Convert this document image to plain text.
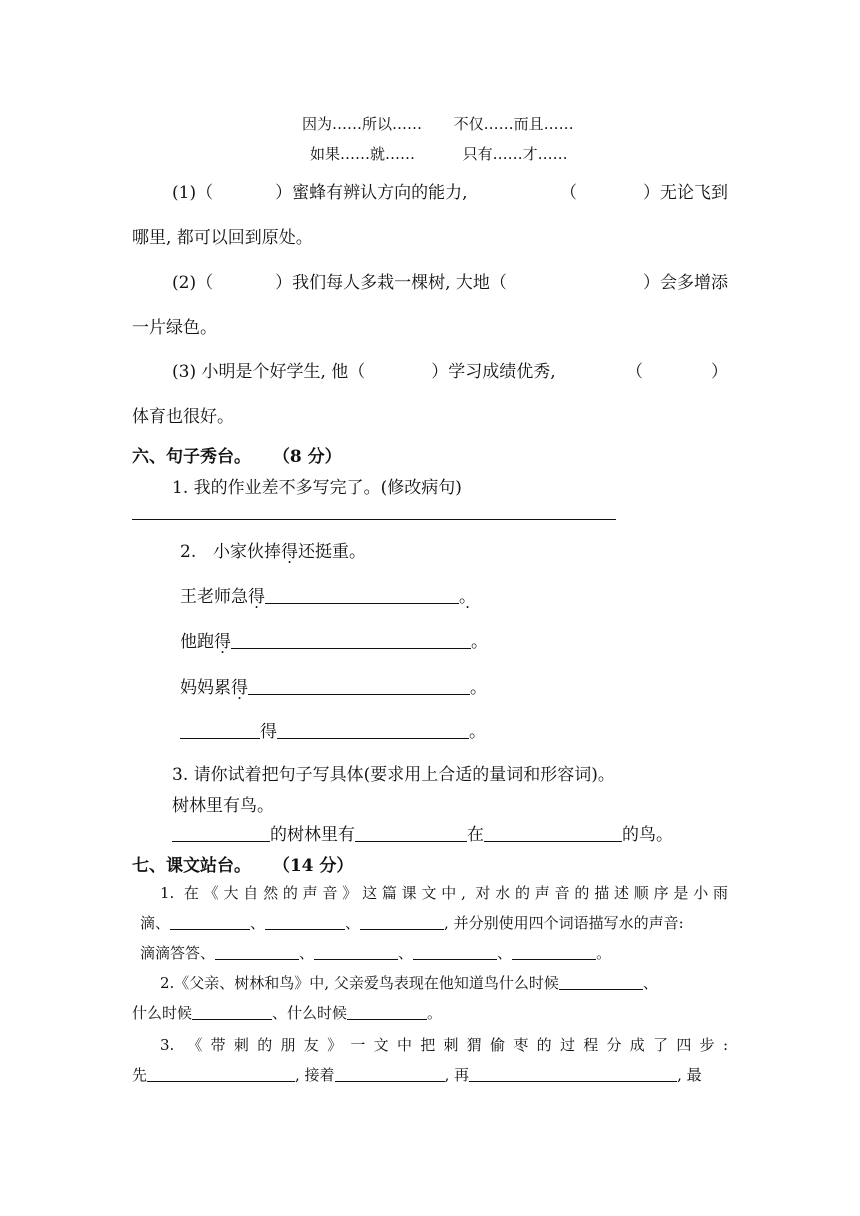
因为……所以…… 不仅……而且……
如果……就……	只有……才……
(1)（	）蜜蜂有辨认方向的能力,	（	）无论飞到
哪里, 都可以回到原处。
(2)（	）我们每人多栽一棵树, 大地（	）会多增添
一片绿色。
(3) 小明是个好学生, 他（	）学习成绩优秀,	（	）
体育也很好。
六、句子秀台。 （8 分）
1. 我的作业差不多写完了。(修改病句)
2. 小家伙捧得还挺重。
王老师急得	。 ·
他跑得	。
妈妈累得	。
得	。
3. 请你试着把句子写具体(要求用上合适的量词和形容词)。
树林里有鸟。
的树林里有	在	的鸟。
七、课文站台。 （14 分）
1. 在《大自然的声音》这篇课文中, 对水的声音的描述顺序是小雨
滴、	、	、	, 并分别使用四个词语描写水的声音:
滴滴答答、	、	、	、	。
2.《父亲、树林和鸟》中, 父亲爱鸟表现在他知道鸟什么时候	、
什么时候	、什么时候	。
3. 《带刺的朋友》一文中把刺猬偷枣的过程分成了四步:
先	, 接着	, 再	, 最
